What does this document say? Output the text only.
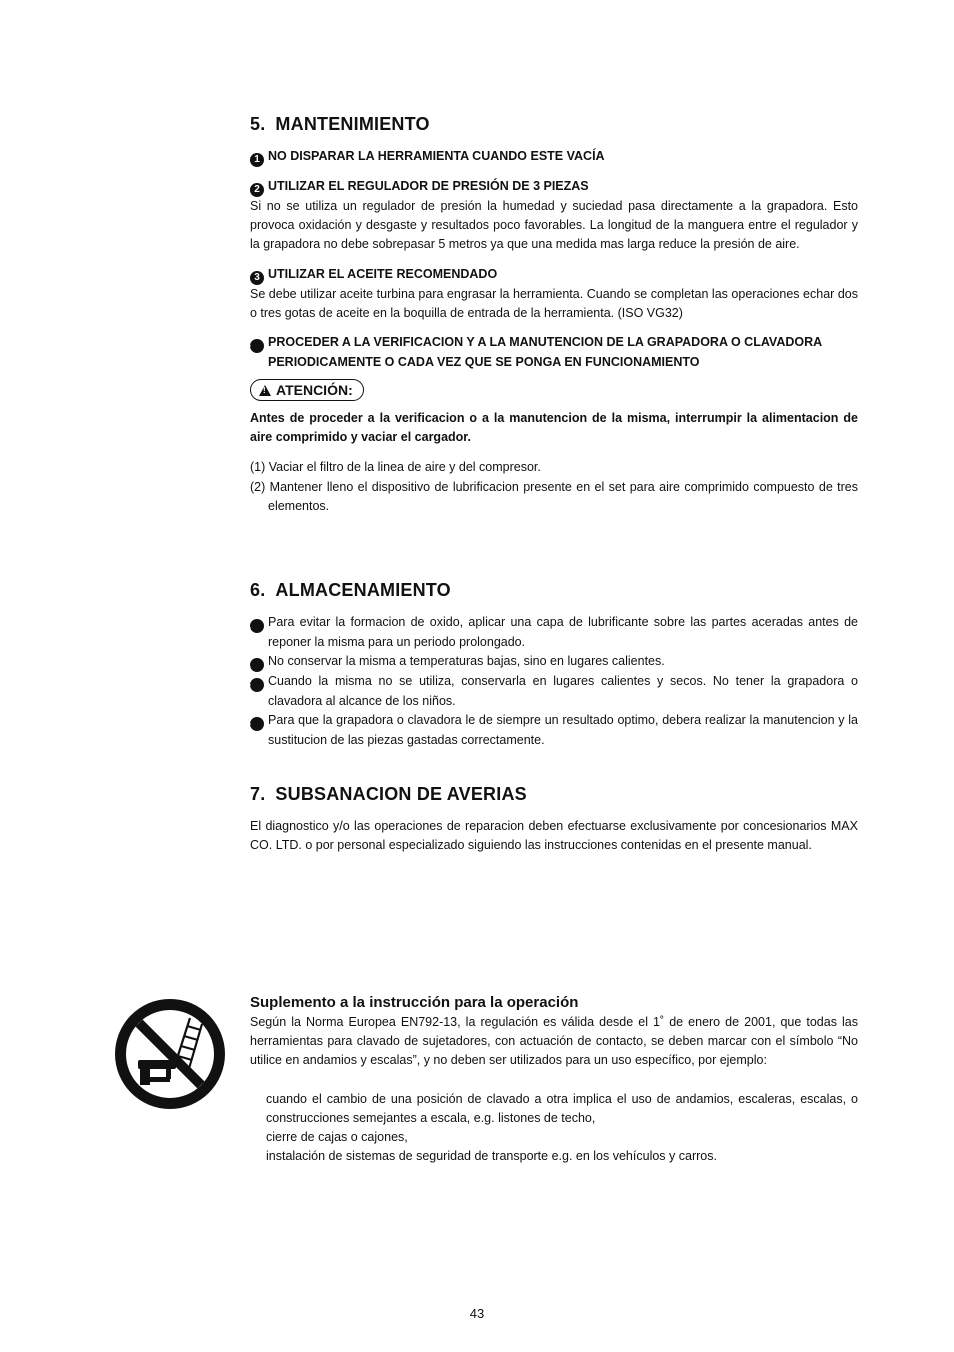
5. MANTENIMIENTO

1 NO DISPARAR LA HERRAMIENTA CUANDO ESTE VACÍA

2 UTILIZAR EL REGULADOR DE PRESIÓN DE 3 PIEZAS

Si no se utiliza un regulador de presión la humedad y suciedad pasa directamente a la grapadora. Esto provoca oxidación y desgaste y resultados poco favorables. La longitud de la manguera entre el regulador y la grapadora no debe sobrepasar 5 metros ya que una medida mas larga reduce la presión de aire.

3 UTILIZAR EL ACEITE RECOMENDADO

Se debe utilizar aceite turbina para engrasar la herramienta. Cuando se completan las operaciones echar dos o tres gotas de aceite en la boquilla de entrada de la herramienta. (ISO VG32)

4 PROCEDER A LA VERIFICACION Y A LA MANUTENCION DE LA GRAPADORA O CLAVADORA PERIODICAMENTE O CADA VEZ QUE SE PONGA EN FUNCIONAMIENTO

!ATENCIÓN:

Antes de proceder a la verificacion o a la manutencion de la misma, interrumpir la alimentacion de aire comprimido y vaciar el cargador.

(1) Vaciar el filtro de la linea de aire y del compresor.

(2) Mantener lleno el dispositivo de lubrificacion presente en el set para aire comprimido compuesto de tres elementos.

6. ALMACENAMIENTO

1 Para evitar la formacion de oxido, aplicar una capa de lubrificante sobre las partes aceradas antes de reponer la misma para un periodo prolongado.

2 No conservar la misma a temperaturas bajas, sino en lugares calientes.

3 Cuando la misma no se utiliza, conservarla en lugares calientes y secos. No tener la grapadora o clavadora al alcance de los niños.

4 Para que la grapadora o clavadora le de siempre un resultado optimo, debera realizar la manutencion y la sustitucion de las piezas gastadas correctamente.

7. SUBSANACION DE AVERIAS

El diagnostico y/o las operaciones de reparacion deben efectuarse exclusivamente por concesionarios MAX CO. LTD. o por personal especializado siguiendo las instrucciones contenidas en el presente manual.

Suplemento a la instrucción para la operación

Según la Norma Europea EN792-13, la regulación es válida desde el 1˚ de enero de 2001, que todas las herramientas para clavado de sujetadores, con actuación de contacto, se deben marcar con el símbolo “No utilice en andamios y escalas”, y no deben ser utilizados para un uso específico, por ejemplo:

cuando el cambio de una posición de clavado a otra implica el uso de andamios, escaleras, escalas, o construcciones semejantes a escala, e.g. listones de techo,

cierre de cajas o cajones,

instalación de sistemas de seguridad de transporte e.g. en los vehículos y carros.

43
